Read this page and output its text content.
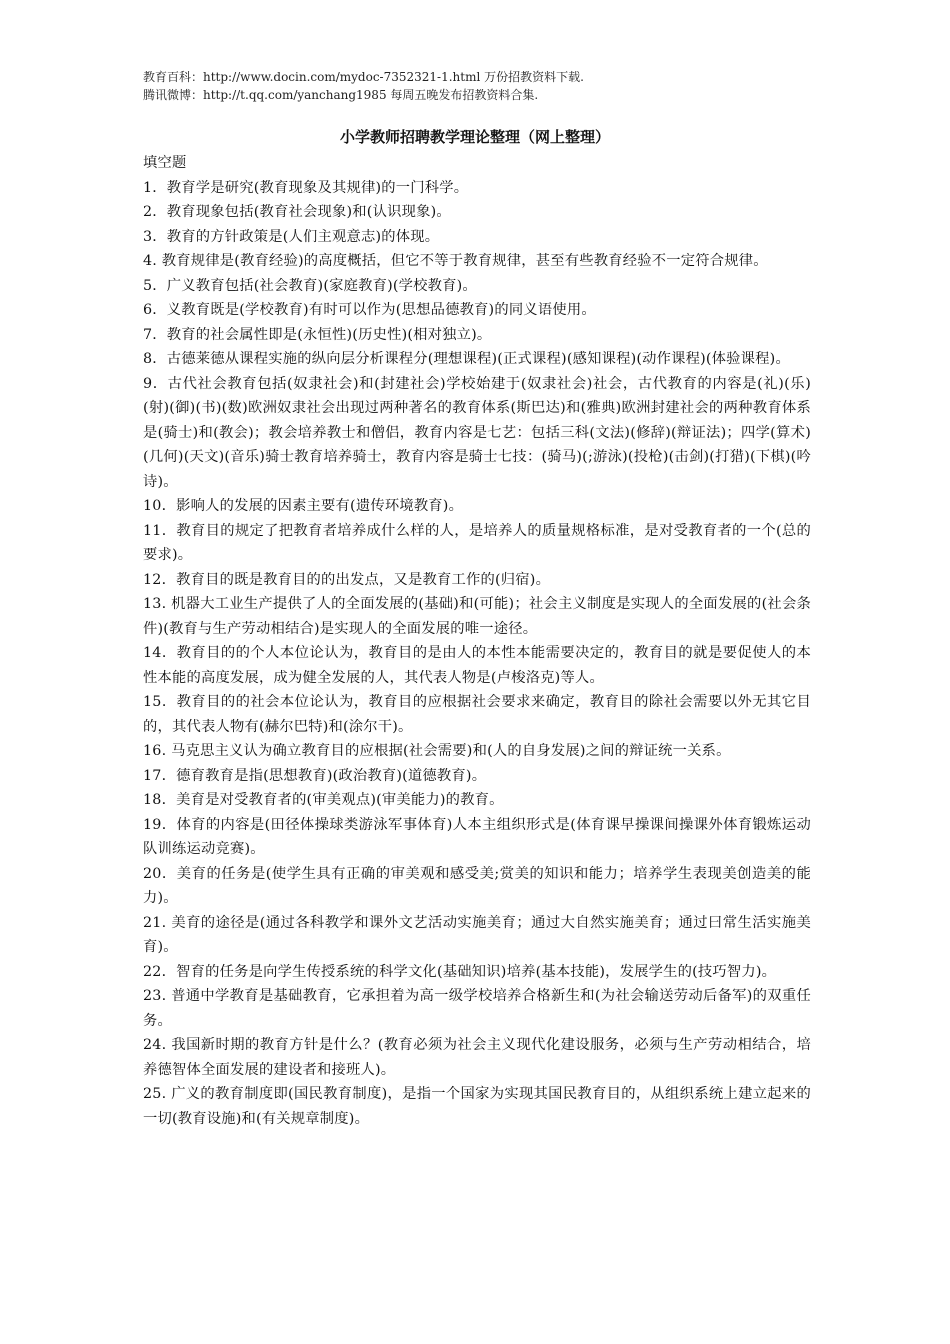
教育百科：http://www.docin.com/mydoc-7352321-1.html 万份招教资料下载.
腾讯微博：http://t.qq.com/yanchang1985 每周五晚发布招教资料合集.
小学教师招聘教学理论整理（网上整理）

填空题

1．教育学是研究(教育现象及其规律)的一门科学。

2．教育现象包括(教育社会现象)和(认识现象)。

3．教育的方针政策是(人们主观意志)的体现。

4. 教育规律是(教育经验)的高度概括，但它不等于教育规律，甚至有些教育经验不一定符合规律。

5．广义教育包括(社会教育)(家庭教育)(学校教育)。

6．义教育既是(学校教育)有时可以作为(思想品德教育)的同义语使用。

7．教育的社会属性即是(永恒性)(历史性)(相对独立)。

8．古德莱德从课程实施的纵向层分析课程分(理想课程)(正式课程)(感知课程)(动作课程)(体验课程)。

9．古代社会教育包括(奴隶社会)和(封建社会)学校始建于(奴隶社会)社会，古代教育的内容是(礼)(乐)(射)(御)(书)(数)欧洲奴隶社会出现过两种著名的教育体系(斯巴达)和(雅典)欧洲封建社会的两种教育体系是(骑士)和(教会)；教会培养教士和僧侣，教育内容是七艺：包括三科(文法)(修辞)(辩证法)；四学(算术)(几何)(天文)(音乐)骑士教育培养骑士，教育内容是骑士七技：(骑马)(;游泳)(投枪)(击剑)(打猎)(下棋)(吟诗)。

10．影响人的发展的因素主要有(遗传环境教育)。

11．教育目的规定了把教育者培养成什么样的人，是培养人的质量规格标准，是对受教育者的一个(总的要求)。

12．教育目的既是教育目的的出发点，又是教育工作的(归宿)。

13. 机器大工业生产提供了人的全面发展的(基础)和(可能)；社会主义制度是实现人的全面发展的(社会条件)(教育与生产劳动相结合)是实现人的全面发展的唯一途径。

14．教育目的的个人本位论认为，教育目的是由人的本性本能需要决定的，教育目的就是要促使人的本性本能的高度发展，成为健全发展的人，其代表人物是(卢梭洛克)等人。

15．教育目的的社会本位论认为，教育目的应根据社会要求来确定，教育目的除社会需要以外无其它目的，其代表人物有(赫尔巴特)和(涂尔干)。

16. 马克思主义认为确立教育目的应根据(社会需要)和(人的自身发展)之间的辩证统一关系。

17．德育教育是指(思想教育)(政治教育)(道德教育)。

18．美育是对受教育者的(审美观点)(审美能力)的教育。

19．体育的内容是(田径体操球类游泳军事体育)人本主组织形式是(体育课早操课间操课外体育锻炼运动队训练运动竞赛)。

20．美育的任务是(使学生具有正确的审美观和感受美;赏美的知识和能力；培养学生表现美创造美的能力)。

21. 美育的途径是(通过各科教学和课外文艺活动实施美育；通过大自然实施美育；通过曰常生活实施美育)。

22．智育的任务是向学生传授系统的科学文化(基础知识)培养(基本技能)，发展学生的(技巧智力)。

23. 普通中学教育是基础教育，它承担着为高一级学校培养合格新生和(为社会输送劳动后备军)的双重任务。

24. 我国新时期的教育方针是什么？(教育必须为社会主义现代化建设服务，必须与生产劳动相结合，培养德智体全面发展的建设者和接班人)。

25. 广义的教育制度即(国民教育制度)，是指一个国家为实现其国民教育目的，从组织系统上建立起来的一切(教育设施)和(有关规章制度)。
